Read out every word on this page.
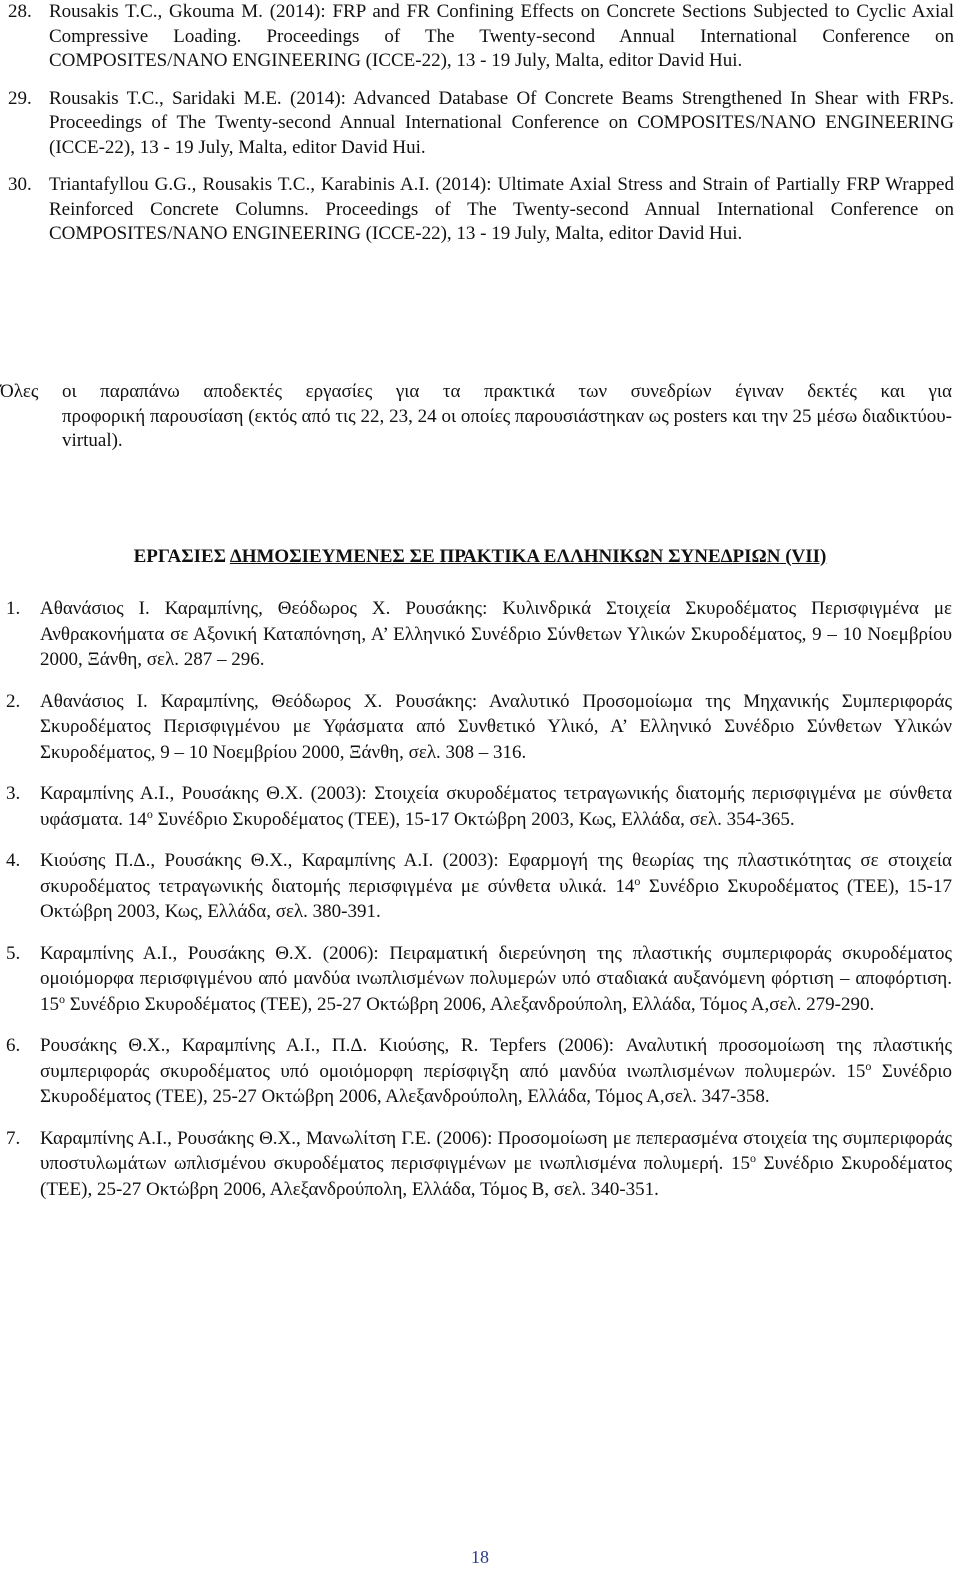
28. Rousakis T.C., Gkouma M. (2014): FRP and FR Confining Effects on Concrete Sections Subjected to Cyclic Axial Compressive Loading. Proceedings of The Twenty-second Annual International Conference on COMPOSITES/NANO ENGINEERING (ICCE-22), 13 - 19 July, Malta, editor David Hui.
29. Rousakis T.C., Saridaki M.E. (2014): Advanced Database Of Concrete Beams Strengthened In Shear with FRPs. Proceedings of The Twenty-second Annual International Conference on COMPOSITES/NANO ENGINEERING (ICCE-22), 13 - 19 July, Malta, editor David Hui.
30. Triantafyllou G.G., Rousakis T.C., Karabinis A.I. (2014): Ultimate Axial Stress and Strain of Partially FRP Wrapped Reinforced Concrete Columns. Proceedings of The Twenty-second Annual International Conference on COMPOSITES/NANO ENGINEERING (ICCE-22), 13 - 19 July, Malta, editor David Hui.
Όλες οι παραπάνω αποδεκτές εργασίες για τα πρακτικά των συνεδρίων έγιναν δεκτές και για
προφορική παρουσίαση (εκτός από τις 22, 23, 24 οι οποίες παρουσιάστηκαν ως posters και την 25 μέσω διαδικτύου-virtual).
ΕΡΓΑΣΙΕΣ ΔΗΜΟΣΙΕΥΜΕΝΕΣ ΣΕ ΠΡΑΚΤΙΚΑ ΕΛΛΗΝΙΚΩΝ ΣΥΝΕΔΡΙΩΝ (VII)
1. Αθανάσιος Ι. Καραμπίνης, Θεόδωρος Χ. Ρουσάκης: Κυλινδρικά Στοιχεία Σκυροδέματος Περισφιγμένα με Ανθρακονήματα σε Αξονική Καταπόνηση, Α’ Ελληνικό Συνέδριο Σύνθετων Υλικών Σκυροδέματος, 9 – 10 Νοεμβρίου 2000, Ξάνθη, σελ. 287 – 296.
2. Αθανάσιος Ι. Καραμπίνης, Θεόδωρος Χ. Ρουσάκης: Αναλυτικό Προσομοίωμα της Μηχανικής Συμπεριφοράς Σκυροδέματος Περισφιγμένου με Υφάσματα από Συνθετικό Υλικό, Α’ Ελληνικό Συνέδριο Σύνθετων Υλικών Σκυροδέματος, 9 – 10 Νοεμβρίου 2000, Ξάνθη, σελ. 308 – 316.
3. Καραμπίνης Α.Ι., Ρουσάκης Θ.Χ. (2003): Στοιχεία σκυροδέματος τετραγωνικής διατομής περισφιγμένα με σύνθετα υφάσματα. $14^o$ Συνέδριο Σκυροδέματος (ΤΕΕ), 15-17 Οκτώβρη 2003, Κως, Ελλάδα, σελ. 354-365.
4. Κιούσης Π.Δ., Ρουσάκης Θ.Χ., Καραμπίνης Α.Ι. (2003): Εφαρμογή της θεωρίας της πλαστικότητας σε στοιχεία σκυροδέματος τετραγωνικής διατομής περισφιγμένα με σύνθετα υλικά. $14^o$ Συνέδριο Σκυροδέματος (ΤΕΕ), 15-17 Οκτώβρη 2003, Κως, Ελλάδα, σελ. 380-391.
5. Καραμπίνης Α.Ι., Ρουσάκης Θ.Χ. (2006): Πειραματική διερεύνηση της πλαστικής συμπεριφοράς σκυροδέματος ομοιόμορφα περισφιγμένου από μανδύα ινωπλισμένων πολυμερών υπό σταδιακά αυξανόμενη φόρτιση – αποφόρτιση. $15^o$ Συνέδριο Σκυροδέματος (ΤΕΕ), 25-27 Οκτώβρη 2006, Αλεξανδρούπολη, Ελλάδα, Τόμος Α,σελ. 279-290.
6. Ρουσάκης Θ.Χ., Καραμπίνης Α.Ι., Π.Δ. Κιούσης, R. Tepfers (2006): Αναλυτική προσομοίωση της πλαστικής συμπεριφοράς σκυροδέματος υπό ομοιόμορφη περίσφιγξη από μανδύα ινωπλισμένων πολυμερών. $15^o$ Συνέδριο Σκυροδέματος (ΤΕΕ), 25-27 Οκτώβρη 2006, Αλεξανδρούπολη, Ελλάδα, Τόμος Α,σελ. 347-358.
7. Καραμπίνης Α.Ι., Ρουσάκης Θ.Χ., Μανωλίτση Γ.Ε. (2006): Προσομοίωση με πεπερασμένα στοιχεία της συμπεριφοράς υποστυλωμάτων ωπλισμένου σκυροδέματος περισφιγμένων με ινωπλισμένα πολυμερή. $15^o$ Συνέδριο Σκυροδέματος (ΤΕΕ), 25-27 Οκτώβρη 2006, Αλεξανδρούπολη, Ελλάδα, Τόμος Β, σελ. 340-351.
18
